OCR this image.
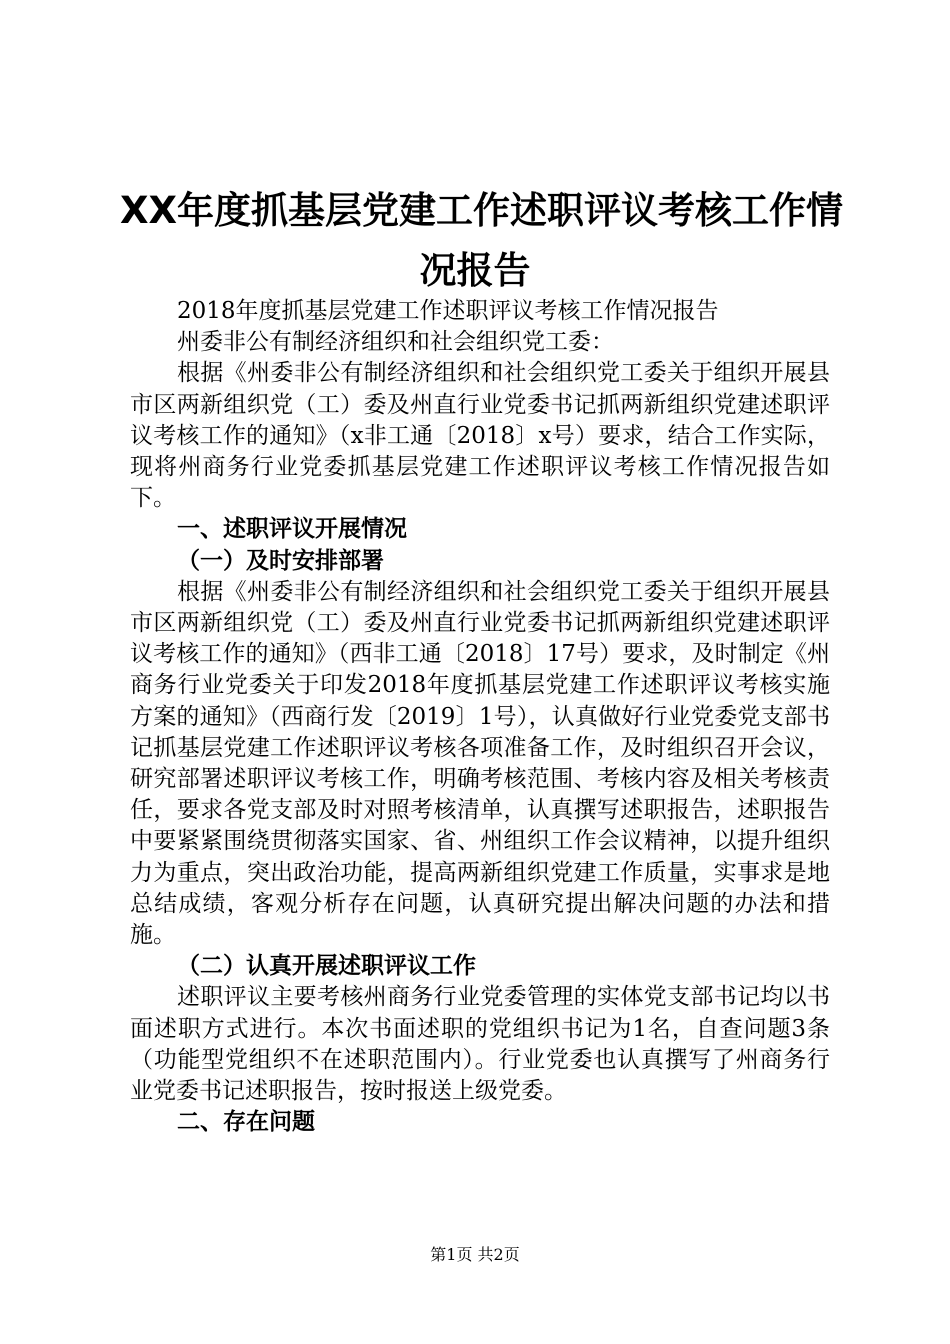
XX年度抓基层党建工作述职评议考核工作情
况报告

2018年度抓基层党建工作述职评议考核工作情况报告

州委非公有制经济组织和社会组织党工委：

根据《州委非公有制经济组织和社会组织党工委关于组织开展县市区两新组织党（工）委及州直行业党委书记抓两新组织党建述职评议考核工作的通知》（x非工通〔2018〕x号）要求，结合工作实际，现将州商务行业党委抓基层党建工作述职评议考核工作情况报告如下。

一、述职评议开展情况

（一）及时安排部署

根据《州委非公有制经济组织和社会组织党工委关于组织开展县市区两新组织党（工）委及州直行业党委书记抓两新组织党建述职评议考核工作的通知》（西非工通〔2018〕17号）要求，及时制定《州商务行业党委关于印发2018年度抓基层党建工作述职评议考核实施方案的通知》（西商行发〔2019〕1号），认真做好行业党委党支部书记抓基层党建工作述职评议考核各项准备工作，及时组织召开会议，研究部署述职评议考核工作，明确考核范围、考核内容及相关考核责任，要求各党支部及时对照考核清单，认真撰写述职报告，述职报告中要紧紧围绕贯彻落实国家、省、州组织工作会议精神，以提升组织力为重点，突出政治功能，提高两新组织党建工作质量，实事求是地总结成绩，客观分析存在问题，认真研究提出解决问题的办法和措施。

（二）认真开展述职评议工作

述职评议主要考核州商务行业党委管理的实体党支部书记均以书面述职方式进行。本次书面述职的党组织书记为1名，自查问题3条（功能型党组织不在述职范围内）。行业党委也认真撰写了州商务行业党委书记述职报告，按时报送上级党委。

二、存在问题

第1页 共2页
